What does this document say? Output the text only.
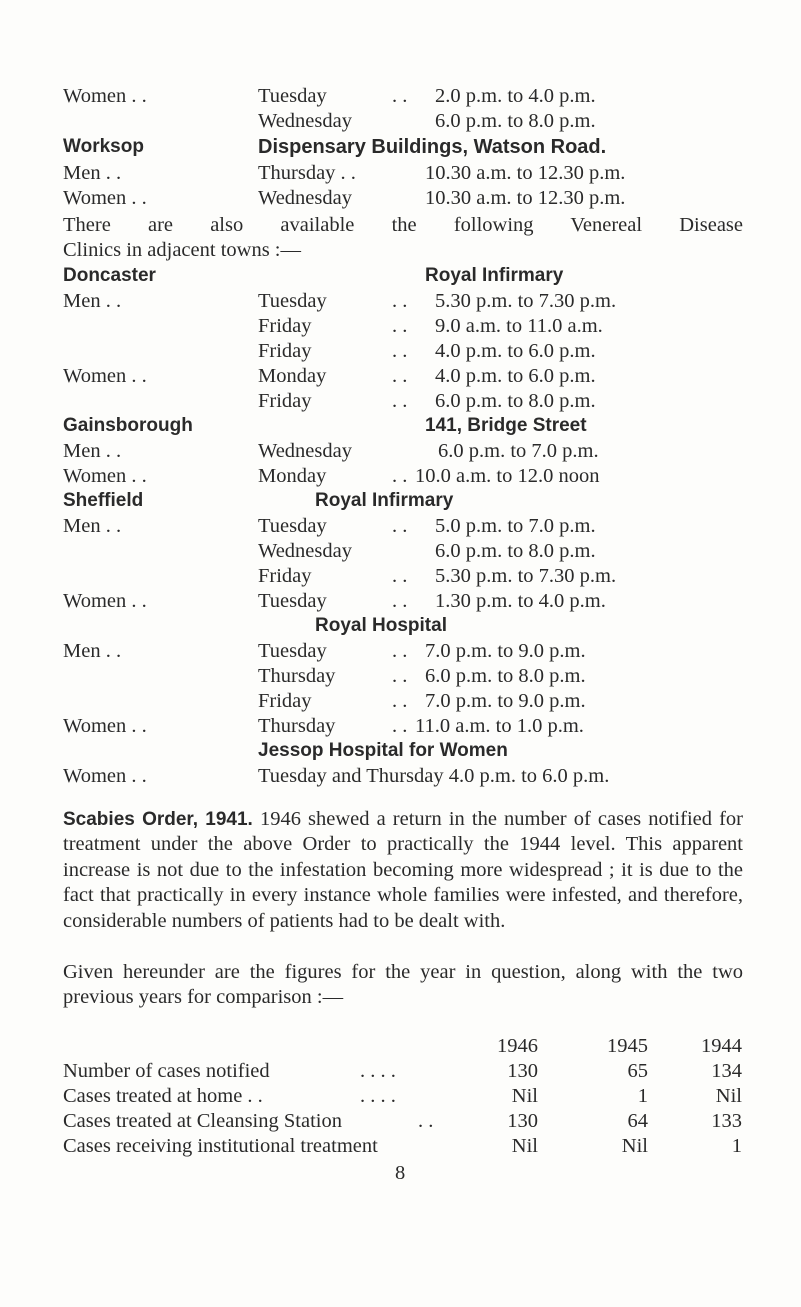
Women . .	Tuesday	. . 2.0 p.m. to 4.0 p.m.
Wednesday	6.0 p.m. to 8.0 p.m.
Worksop	Dispensary Buildings, Watson Road.
Men . .	Thursday . .	10.30 a.m. to 12.30 p.m.
Women . .	Wednesday	10.30 a.m. to 12.30 p.m.
There are also available the following Venereal Disease
Clinics in adjacent towns :—
Doncaster	Royal Infirmary
Men . .	Tuesday	. . 5.30 p.m. to 7.30 p.m.
Friday	. . 9.0 a.m. to 11.0 a.m.
Friday	. . 4.0 p.m. to 6.0 p.m.
Women . .	Monday	. . 4.0 p.m. to 6.0 p.m.
Friday	. . 6.0 p.m. to 8.0 p.m.
Gainsborough	141, Bridge Street
Men . .	Wednesday	6.0 p.m. to 7.0 p.m.
Women . .	Monday	. . 10.0 a.m. to 12.0 noon
Sheffield	Royal Infirmary
Men . .	Tuesday	. . 5.0 p.m. to 7.0 p.m.
Wednesday	6.0 p.m. to 8.0 p.m.
Friday	. . 5.30 p.m. to 7.30 p.m.
Women . .	Tuesday	. . 1.30 p.m. to 4.0 p.m.
Royal Hospital
Men . .	Tuesday	. . 7.0 p.m. to 9.0 p.m.
Thursday	. . 6.0 p.m. to 8.0 p.m.
Friday	. . 7.0 p.m. to 9.0 p.m.
Women . .	Thursday	. . 11.0 a.m. to 1.0 p.m.
Jessop Hospital for Women
Women . .	Tuesday and Thursday 4.0 p.m. to 6.0 p.m.
Scabies Order, 1941. 1946 shewed a return in the number of cases notified for treatment under the above Order to practically the 1944 level. This apparent increase is not due to the infestation becoming more widespread ; it is due to the fact that practically in every instance whole families were infested, and therefore, considerable numbers of patients had to be dealt with.
Given hereunder are the figures for the year in question, along with the two previous years for comparison :—
1946	1945	1944
Number of cases notified	. . . .	130	65	134
Cases treated at home . .	. . . .	Nil	1	Nil
Cases treated at Cleansing Station	. .	130	64	133
Cases receiving institutional treatment	Nil	Nil	1
8
